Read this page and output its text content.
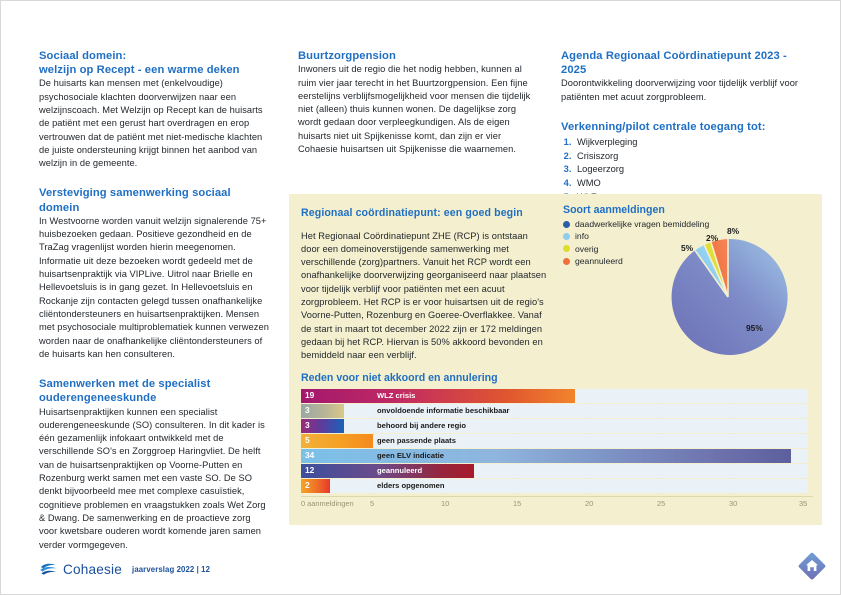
Sociaal domein:
welzijn op Recept - een warme deken

De huisarts kan mensen met (enkelvoudige) psychosociale klachten doorverwijzen naar een welzijnscoach. Met Welzijn op Recept kan de huisarts de patiënt met een gerust hart overdragen en erop vertrouwen dat de patiënt met niet-medische klachten de juiste ondersteuning krijgt binnen het aanbod van welzijn in de gemeente.

Versteviging samenwerking sociaal domein

In Westvoorne worden vanuit welzijn signalerende 75+ huisbezoeken gedaan. Positieve gezondheid en de TraZag vragenlijst worden hierin meegenomen. Informatie uit deze bezoeken wordt gedeeld met de huisartsenpraktijk via VIPLive. Uitrol naar Brielle en Hellevoetsluis is in gang gezet. In Hellevoetsluis en Rockanje zijn contacten gelegd tussen onafhankelijke cliëntondersteuners en huisartsenpraktijken. Mensen met psychosociale multiproblematiek kunnen verwezen worden naar de onafhankelijke cliëntondersteuners of de huisarts kan hen consulteren.

Samenwerken met de specialist
ouderengeneeskunde

Huisartsenpraktijken kunnen een specialist ouderengeneeskunde (SO) consulteren. In dit kader is één gezamenlijk infokaart ontwikkeld met de verschillende SO's en Zorggroep Haringvliet. De helft van de huisartsenpraktijken op Voorne-Putten en Rozenburg werkt samen met een vaste SO. De SO denkt bijvoorbeeld mee met complexe casuïstiek, cognitieve problemen en vraagstukken zoals Wet Zorg & Dwang. De samenwerking en de proactieve zorg voor kwetsbare ouderen wordt komende jaren samen verder vormgegeven.

Buurtzorgpension

Inwoners uit de regio die het nodig hebben, kunnen al ruim vier jaar terecht in het Buurtzorgpension. Een fijne eerstelijns verblijfsmogelijkheid voor mensen die tijdelijk niet (alleen) thuis kunnen wonen. De dagelijkse zorg wordt gedaan door verpleegkundigen. Als de eigen huisarts niet uit Spijkenisse komt, dan zijn er vier Cohaesie huisartsen uit Spijkenisse die waarnemen.

Agenda Regionaal Coördinatiepunt 2023 - 2025

Doorontwikkeling doorverwijzing voor tijdelijk verblijf voor patiënten met acuut zorgprobleem.

Verkenning/pilot centrale toegang tot:
1. Wijkverpleging
2. Crisiszorg
3. Logeerzorg
4. WMO
5.
Regionaal coördinatiepunt: een goed begin

Het Regionaal Coördinatiepunt ZHE (RCP) is ontstaan door een domeinoverstijgende samenwerking met verschillende (zorg)partners. Vanuit het RCP wordt een onafhankelijke doorverwijzing georganiseerd naar plaatsen voor tijdelijk verblijf voor patiënten met een acuut zorgprobleem. Het RCP is er voor huisartsen uit de regio's Voorne-Putten, Rozenburg en Goeree-Overflakkee. Vanaf de start in maart tot december 2022 zijn er 172 meldingen gedaan bij het RCP. Hiervan is 50% akkoord bevonden en bemiddeld naar een verblijf.

Soort aanmeldingen
daadwerkelijke vragen bemiddeling
info
overig
geannuleerd
95%
5%
2%
8%
Reden voor niet akkoord en annulering
19	WLZ crisis
3	onvoldoende informatie beschikbaar
3	behoord bij andere regio
5	geen passende plaats
34	geen ELV indicatie
12	geannuleerd
2	elders opgenomen
0 aanmeldingen 5	10	15	20	25	30	35
Cohaesie jaarverslag 2022 | 12
